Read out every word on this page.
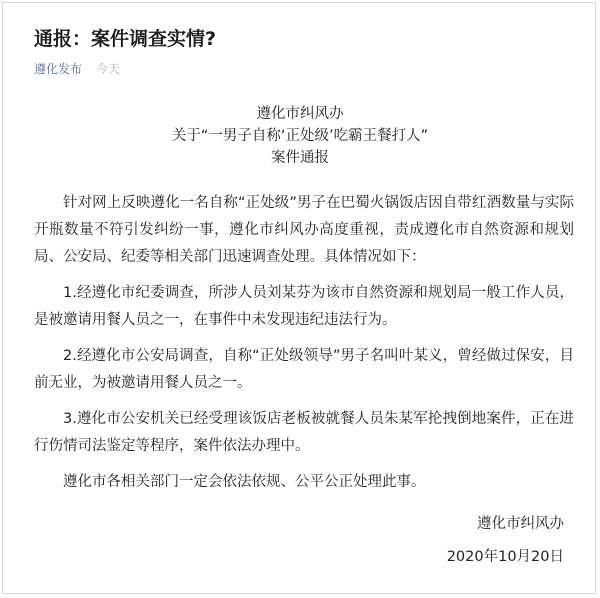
通报：案件调查实情?
遵化发布 今天
遵化市纠风办
关于“一男子自称‘正处级’吃霸王餐打人”
案件通报

针对网上反映遵化一名自称“正处级”男子在巴蜀火锅饭店因自带红酒数量与实际开瓶数量不符引发纠纷一事，遵化市纠风办高度重视，责成遵化市自然资源和规划局、公安局、纪委等相关部门迅速调查处理。具体情况如下：

1.经遵化市纪委调查，所涉人员刘某芬为该市自然资源和规划局一般工作人员，是被邀请用餐人员之一，在事件中未发现违纪违法行为。

2.经遵化市公安局调查，自称“正处级领导”男子名叫叶某义，曾经做过保安，目前无业，为被邀请用餐人员之一。

3.遵化市公安机关已经受理该饭店老板被就餐人员朱某军抡拽倒地案件，正在进行伤情司法鉴定等程序，案件依法办理中。

遵化市各相关部门一定会依法依规、公平公正处理此事。

遵化市纠风办
2020年10月20日
